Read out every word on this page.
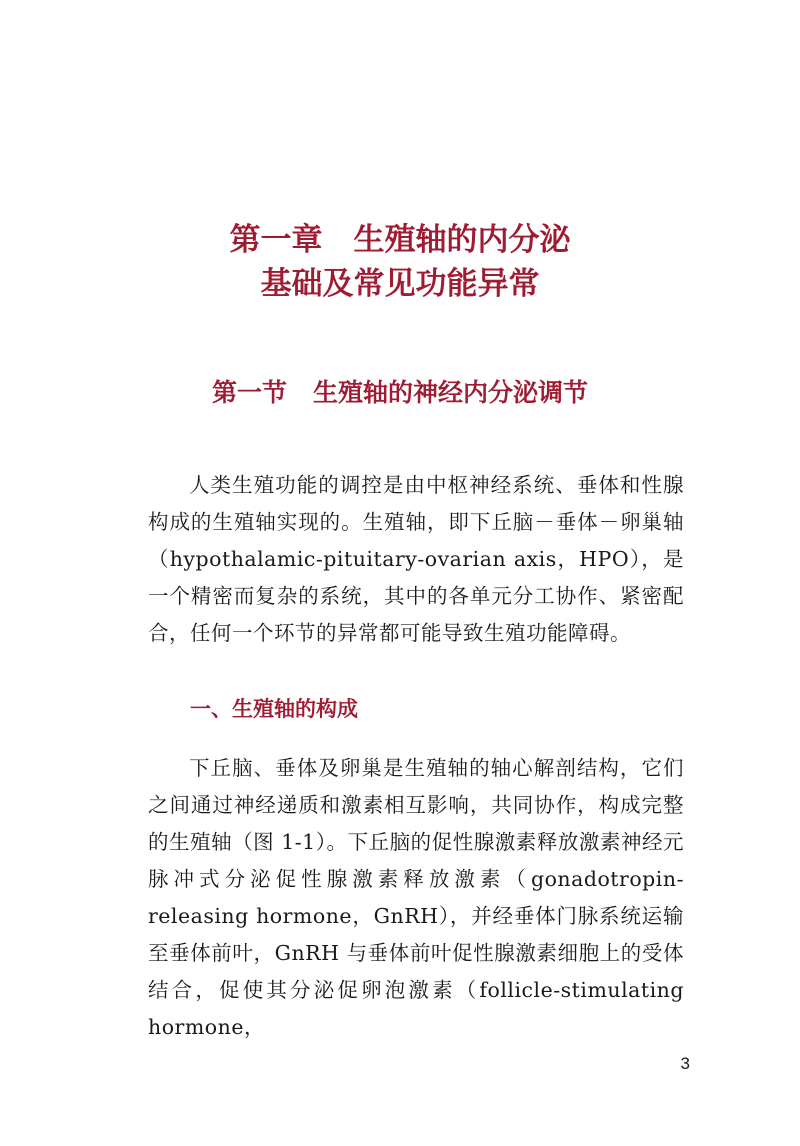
第一章　生殖轴的内分泌
基础及常见功能异常
第一节 生殖轴的神经内分泌调节

人类生殖功能的调控是由中枢神经系统、垂体和性腺构成的生殖轴实现的。生殖轴，即下丘脑－垂体－卵巢轴（hypothalamic-pituitary-ovarian axis，HPO），是一个精密而复杂的系统，其中的各单元分工协作、紧密配合，任何一个环节的异常都可能导致生殖功能障碍。

一、生殖轴的构成

下丘脑、垂体及卵巢是生殖轴的轴心解剖结构，它们之间通过神经递质和激素相互影响，共同协作，构成完整的生殖轴（图 1-1）。下丘脑的促性腺激素释放激素神经元脉冲式分泌促性腺激素释放激素（gonadotropin-releasing hormone，GnRH），并经垂体门脉系统运输至垂体前叶，GnRH 与垂体前叶促性腺激素细胞上的受体结合，促使其分泌促卵泡激素（follicle-stimulating hormone，

3
